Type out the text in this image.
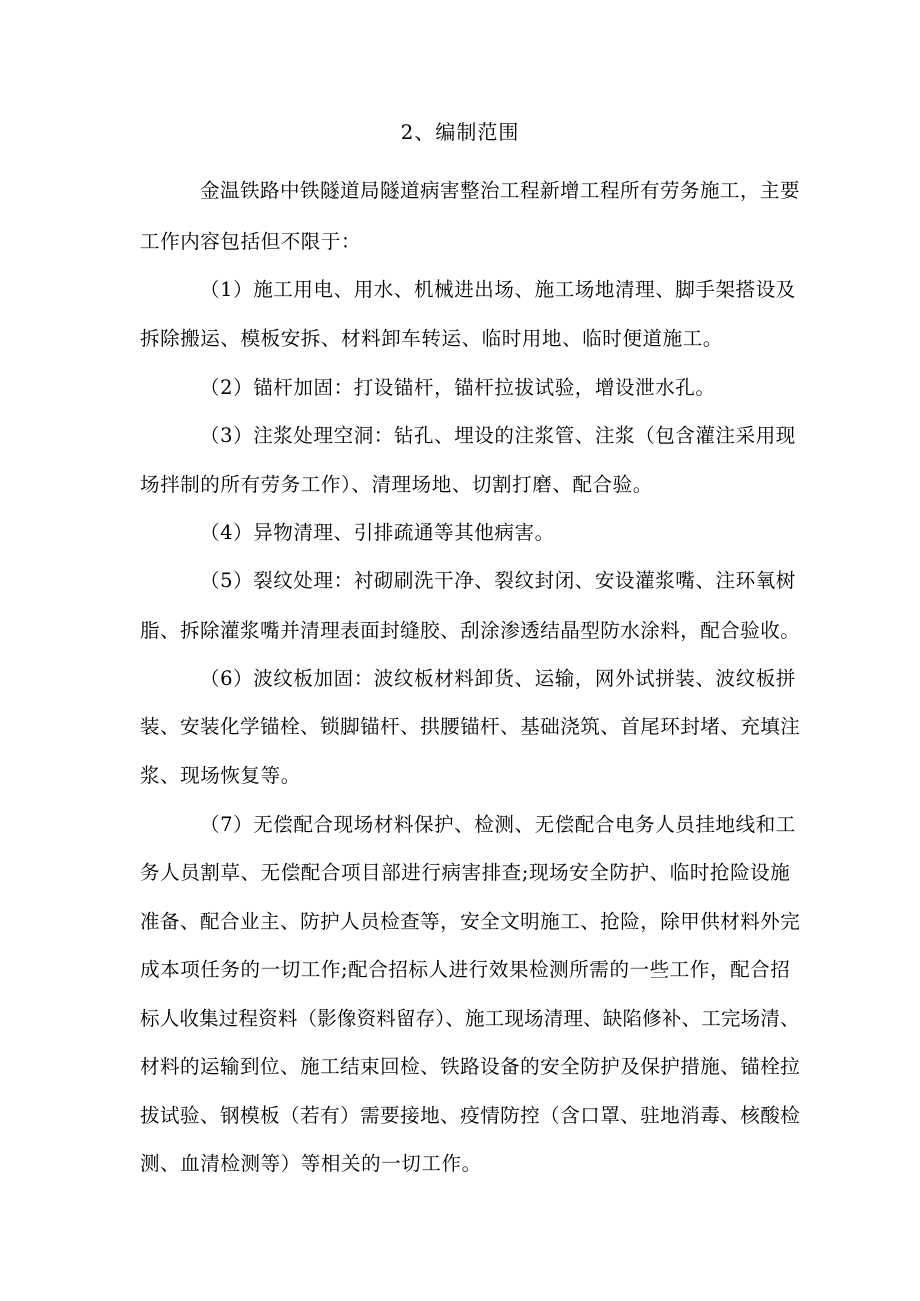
2、编制范围
金温铁路中铁隧道局隧道病害整治工程新增工程所有劳务施工，主要
工作内容包括但不限于：
（1）施工用电、用水、机械进出场、施工场地清理、脚手架搭设及
拆除搬运、模板安拆、材料卸车转运、临时用地、临时便道施工。
（2）锚杆加固：打设锚杆，锚杆拉拔试验，增设泄水孔。
（3）注浆处理空洞：钻孔、埋设的注浆管、注浆（包含灌注采用现
场拌制的所有劳务工作）、清理场地、切割打磨、配合验。
（4）异物清理、引排疏通等其他病害。
（5）裂纹处理：衬砌刷洗干净、裂纹封闭、安设灌浆嘴、注环氧树
脂、拆除灌浆嘴并清理表面封缝胶、刮涂渗透结晶型防水涂料，配合验收。
（6）波纹板加固：波纹板材料卸货、运输，网外试拼装、波纹板拼
装、安装化学锚栓、锁脚锚杆、拱腰锚杆、基础浇筑、首尾环封堵、充填注
浆、现场恢复等。
（7）无偿配合现场材料保护、检测、无偿配合电务人员挂地线和工
务人员割草、无偿配合项目部进行病害排查;现场安全防护、临时抢险设施
准备、配合业主、防护人员检查等，安全文明施工、抢险，除甲供材料外完
成本项任务的一切工作;配合招标人进行效果检测所需的一些工作，配合招
标人收集过程资料（影像资料留存）、施工现场清理、缺陷修补、工完场清、
材料的运输到位、施工结束回检、铁路设备的安全防护及保护措施、锚栓拉
拔试验、钢模板（若有）需要接地、疫情防控（含口罩、驻地消毒、核酸检
测、血清检测等）等相关的一切工作。
